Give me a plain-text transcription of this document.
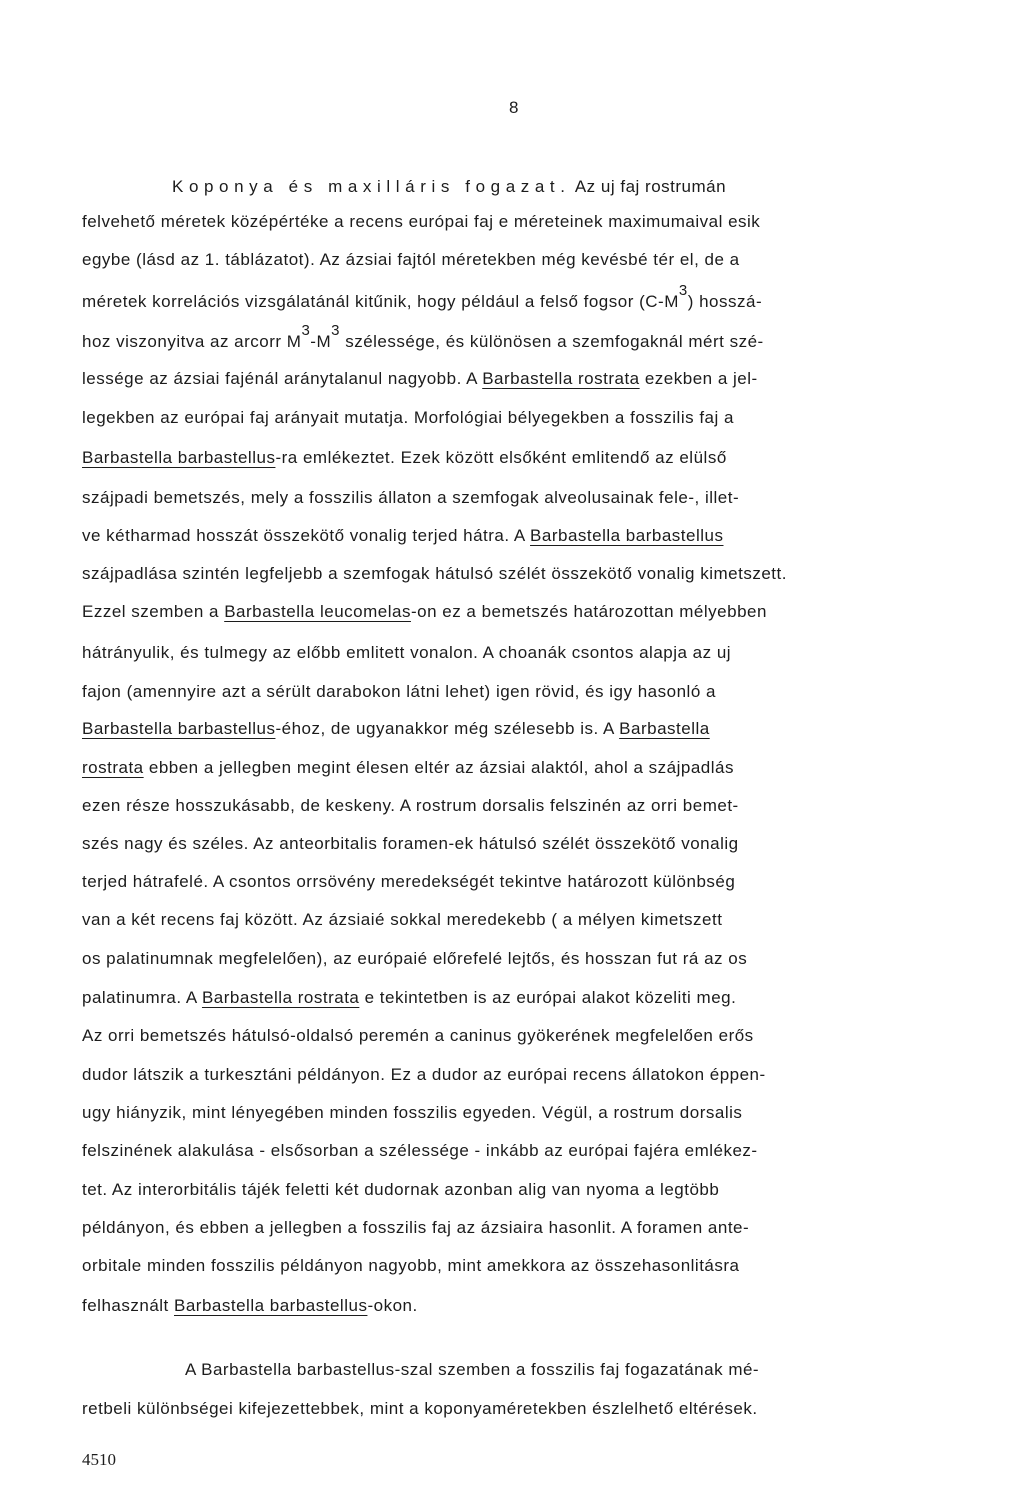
8
Koponya és maxilláris fogazat. Az uj faj rostrumán
felvehető méretek középértéke a recens európai faj e méreteinek maximumaival esik
egybe (lásd az 1. táblázatot). Az ázsiai fajtól méretekben még kevésbé tér el, de a
méretek korrelációs vizsgálatánál kitűnik, hogy például a felső fogsor (C-M3) hosszá-
hoz viszonyitva az arcorr M3-M3 szélessége, és különösen a szemfogaknál mért szé-
lessége az ázsiai fajénál aránytalanul nagyobb. A Barbastella rostrata ezekben a jel-
legekben az európai faj arányait mutatja. Morfológiai bélyegekben a fosszilis faj a
Barbastella barbastellus-ra emlékeztet. Ezek között elsőként emlitendő az elülső
szájpadi bemetszés, mely a fosszilis állaton a szemfogak alveolusainak fele-, illet-
ve kétharmad hosszát összekötő vonalig terjed hátra. A Barbastella barbastellus
szájpadlása szintén legfeljebb a szemfogak hátulsó szélét összekötő vonalig kimetszett.
Ezzel szemben a Barbastella leucomelas-on ez a bemetszés határozottan mélyebben
hátrányulik, és tulmegy az előbb emlitett vonalon. A choanák csontos alapja az uj
fajon (amennyire azt a sérült darabokon látni lehet) igen rövid, és igy hasonló a
Barbastella barbastellus-éhoz, de ugyanakkor még szélesebb is. A Barbastella
rostrata ebben a jellegben megint élesen eltér az ázsiai alaktól, ahol a szájpadlás
ezen része hosszukásabb, de keskeny. A rostrum dorsalis felszinén az orri bemet-
szés nagy és széles. Az anteorbitalis foramen-ek hátulsó szélét összekötő vonalig
terjed hátrafelé. A csontos orrsövény meredekségét tekintve határozott különbség
van a két recens faj között. Az ázsiaié sokkal meredekebb ( a mélyen kimetszett
os palatinumnak megfelelően), az európaié előrefelé lejtős, és hosszan fut rá az os
palatinumra. A Barbastella rostrata e tekintetben is az európai alakot közeliti meg.
Az orri bemetszés hátulsó-oldalsó peremén a caninus gyökerének megfelelően erős
dudor látszik a turkesztáni példányon. Ez a dudor az európai recens állatokon éppen-
ugy hiányzik, mint lényegében minden fosszilis egyeden. Végül, a rostrum dorsalis
felszinének alakulása - elsősorban a szélessége - inkább az európai fajéra emlékez-
tet. Az interorbitális tájék feletti két dudornak azonban alig van nyoma a legtöbb
példányon, és ebben a jellegben a fosszilis faj az ázsiaira hasonlit. A foramen ante-
orbitale minden fosszilis példányon nagyobb, mint amekkora az összehasonlitásra
felhasznált Barbastella barbastellus-okon.
A Barbastella barbastellus-szal szemben a fosszilis faj fogazatának mé-
retbeli különbségei kifejezettebbek, mint a koponyaméretekben észlelhető eltérések.
4510
